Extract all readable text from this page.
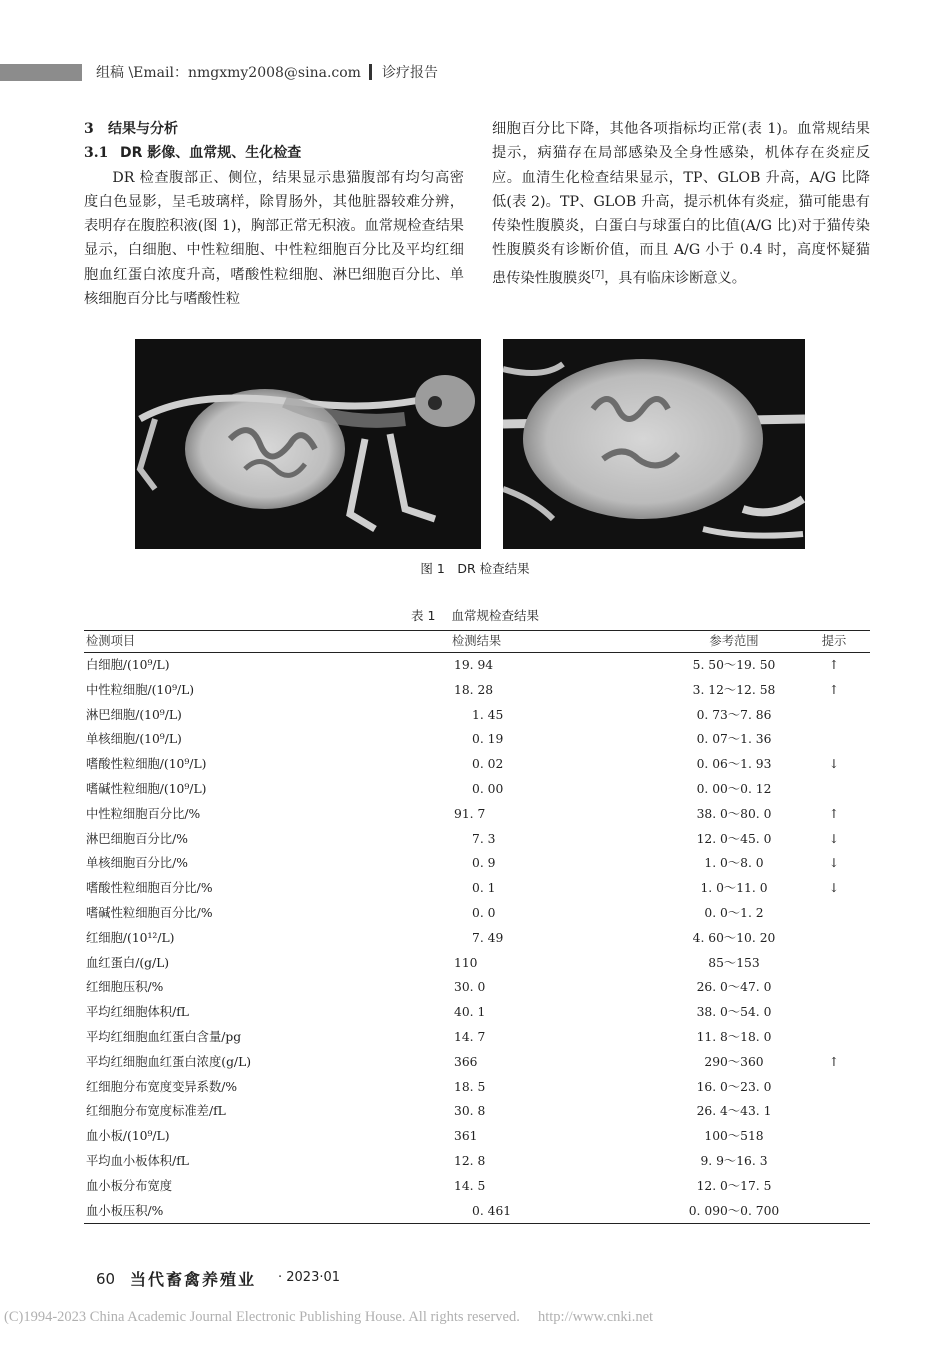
组稿 \Email：nmgxmy2008@sina.com 诊疗报告

3 结果与分析

3.1 DR 影像、血常规、生化检查

DR 检查腹部正、侧位，结果显示患猫腹部有均匀高密度白色显影，呈毛玻璃样，除胃肠外，其他脏器较难分辨，表明存在腹腔积液(图 1)，胸部正常无积液。血常规检查结果显示，白细胞、中性粒细胞、中性粒细胞百分比及平均红细胞血红蛋白浓度升高，嗜酸性粒细胞、淋巴细胞百分比、单核细胞百分比与嗜酸性粒

细胞百分比下降，其他各项指标均正常(表 1)。血常规结果提示，病猫存在局部感染及全身性感染，机体存在炎症反应。血清生化检查结果显示，TP、GLOB 升高，A/G 比降低(表 2)。TP、GLOB 升高，提示机体有炎症，猫可能患有传染性腹膜炎，白蛋白与球蛋白的比值(A/G 比)对于猫传染性腹膜炎有诊断价值，而且 A/G 小于 0.4 时，高度怀疑猫患传染性腹膜炎[7]，具有临床诊断意义。

图 1　DR 检查结果
表 1 血常规检查结果
检测项目	检测结果	参考范围	提示
白细胞/(10⁹/L)	19. 94	5. 50～19. 50	↑
中性粒细胞/(10⁹/L)	18. 28	3. 12～12. 58	↑
淋巴细胞/(10⁹/L)	1. 45	0. 73～7. 86
单核细胞/(10⁹/L)	0. 19	0. 07～1. 36
嗜酸性粒细胞/(10⁹/L)	0. 02	0. 06～1. 93	↓
嗜碱性粒细胞/(10⁹/L)	0. 00	0. 00～0. 12
中性粒细胞百分比/%	91. 7	38. 0～80. 0	↑
淋巴细胞百分比/%	7. 3	12. 0～45. 0	↓
单核细胞百分比/%	0. 9	1. 0～8. 0	↓
嗜酸性粒细胞百分比/%	0. 1	1. 0～11. 0	↓
嗜碱性粒细胞百分比/%	0. 0	0. 0～1. 2
红细胞/(10¹²/L)	7. 49	4. 60～10. 20
血红蛋白/(g/L)	110	85～153
红细胞压积/%	30. 0	26. 0～47. 0
平均红细胞体积/fL	40. 1	38. 0～54. 0
平均红细胞血红蛋白含量/pg	14. 7	11. 8～18. 0
平均红细胞血红蛋白浓度(g/L)	366	290～360	↑
红细胞分布宽度变异系数/%	18. 5	16. 0～23. 0
红细胞分布宽度标准差/fL	30. 8	26. 4～43. 1
血小板/(10⁹/L)	361	100～518
平均血小板体积/fL	12. 8	9. 9～16. 3
血小板分布宽度	14. 5	12. 0～17. 5
血小板压积/%	0. 461	0. 090～0. 700
60 当代畜禽养殖业 · 2023·01
(C)1994-2023 China Academic Journal Electronic Publishing House. All rights reserved.　 http://www.cnki.net
